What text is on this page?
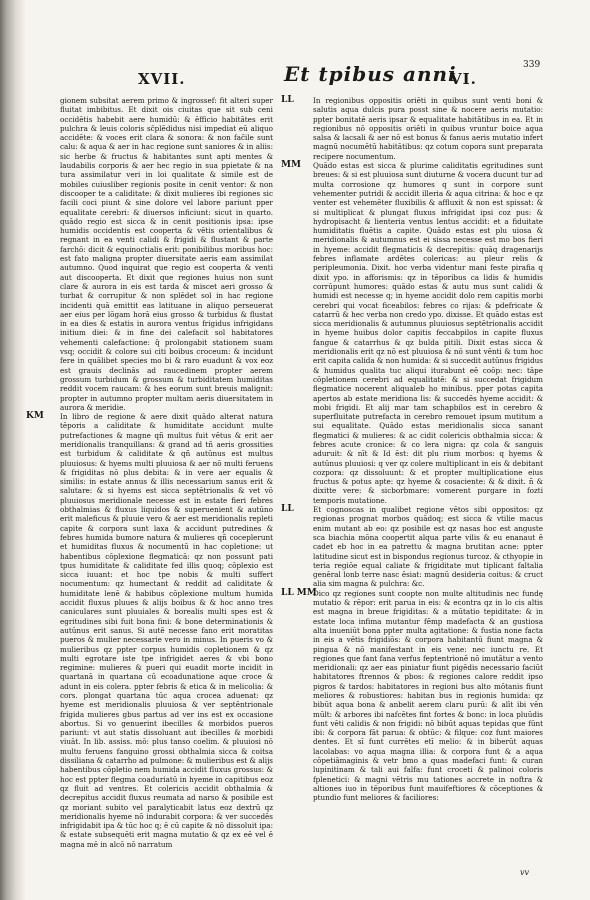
XVII.	Et tpibus anni
VI.
339

gionem subsitat aerem primo & ingrossef: fit alteri super fluitat imbibitus. Et dixit ois ciuitas que sit sub ceni occidētis habebit aere humidū: & ēfficio habitātes erit pulchra & leuis coloris sc̄plēdidus nisi impediat eū aliquo accidēte: & voces erit clara & sonora: & non fac̄ile sunt calu: & aqua & aer in hac regione sunt saniores & in aliis: sic herbe & fructus & habitantes sunt apti mentes & laudabilis corporis & aer hec regio in sua ppietate & na tura assimilatur veri in loi qualitate & simile est de mobiles cuiusliber regionis posite in cenit ventor: & non discooper te a caliditate: & dixit mulieres ibi regiones sic facili coci piunt & sine dolore vel labore pariunt pper equalitate cerebri: & diuersos inficiunt: sicut in quarto. quādo regio est sicca & in cenit positionis ipsa: ipse humidis occidentis est cooperta & vētis orientalibus & regnant in ea venti calidi & frigidi & flustant & parte farchō: dicit & equinoctialis erit: ponibilibus moribus hoc: est fato maligna propter diuersitate aeris eam assimilat autumno. Quod inquirat que regio est cooperta & venti aut discooperta. Et dixit que regiones huius non sunt clare & aurora in eis est tarda & miscet aeri grosso & turbat & corrupitur & non splēdet sol in hac regione incidenti quā emittit eas latituane in aliquo perseuerat aer eius per lōgam horā eius grosso & turbidus & flustat in ea dies & estatis in aurora ventus frigidus infrigidans initium diei: & in fine dei calefacit sol habitatores vehementi calefactione: q̄ prolongabit stationem suam vsq; occidit & colore sui citi boibus croceum: & incidunt fere in quālibet species mo bi & raro euadunt & vox eoz est grauis declinās ad raucedinem propter aerem grossum turbidum & grossum & turbiditatem humiditas reddit vocem raucam: & hes eorum sunt breuis malignit: propter in autumno propter multam aeris diuersitatem in aurora & meridie.

KM In libro de regione & aere dixit quādo alterat natura tēporis a caliditate & humiditate accidunt multe putrefactiones & magne qñ multus fuit vētus & erit aer meridionalis tranquillans: & grand ad tñ aeris grossities est turbidum & caliditate & qñ autūnus est multus pluuiosus: & hyems multi pluuiosa & aer nō multi feruens & frigiditas nō plus debita: & in vere aer equalis & similis: in estate annus & illis necessarium sanus erit & salutare: & si hyems est sicca septētrionalis & vet vō pluuiosus meridionale necesse est in estate fieri febres obthalmias & fluxus liquidos & superuenient & autūno erit maleficus & pluuie vero & aer est meridionalis repleti capite & corpora sunt laxa & accidunt putredines & febres humida bumore natura & mulieres qñ coceplerunt et humiditas fluxus & nocumentū in hac copletione: ut habentibus cōplexione flegmaticā: qz non possunt pati tpus humiditate & caliditate fed illis quoq; cōplexio est sicca iuuant: et hoc tpe nobis & multi suffert nocumentum: qz humectant & reddit ad caliditate & humiditate lenē & habibus cōplexione multum humida accidit fluxus pluues & alijs boibus & & hoc anno tres caniculares sunt pluuiales & borealis multi spes est & egritudines sibi fuit bona fini: & bone determinationis & autūnus erit sanus. Si autē necesse fano erit moratitas pueros & mulier necessarie vero in minus. In pueris vo & mulieribus qz ppter corpus humidis copletionem & qz multi egrotare iste tpe infrigidet aeres & vbi bono regimine: mulieres & pueri qui euadit morte incidit in quartanā in quartana cū ecoadunatione aque croce & adunt in eis colera. ppter febris & etica & in melicolia: & cors. plongat quartana tūc aqua crocea aduenat: qz hyeme est meridionalis pluuiosa & ver septēntrionale frigida mulieres gbus partus ad ver ins est ex occasione abortus. Si vo genuerint ibecilles & morbidos pueros pariunt: vt aut statis dissoluant aut ibecilles & morbidi viuāt. In lib. assiss. mō: plus tanso coelim. & pluuiosi nō multu feruens fanguino grossi obthalmia sicca & coitsa dissiliana & catarrho ad pulmone: & mulieribus est & alijs habentibus cōpletio nem humida accidit fluxus grossus: & hoc est ppter flegma coaduriatū in hyeme in capitibus eoz qz fluit ad ventres. Et colericis accidit obthalmia & decrepitus accidit fluxus reumata ad narso & posibile est qz moriant subito vel paralyticabit latus eoz dextrū qz meridionalis hyeme nō indurabit corpora: & ver succedēs infrigidabit ipa & tūc hoc q; ē cū capite & nō dissoluit ipa: & estate subsequēti erit magna mutatio & qz ex eē vel ē magna mē in alcō nō narratum

LL	In regionibus oppositis oriēti in quibus sunt venti boni & salutis aqua dulcis pura posst sine & nocere aeris mutatio: ppter bonitatē aeris ipsar & equalitate habitātibus in ea. Et in regionibus nō oppositis oriēti in quibus vruntur boice aqua salsa & lacsali & aer nō est bonus & fanus aeris mutatio infert magnū nocumētū habitātibus: qz cotum copora sunt preparata recipere nocumentum.

MM Quādo estas est sicca & plurime caliditatis egritudines sunt breues: & si est pluuiosa sunt diuturne & vocera ducunt tur ad multa corrosione qz humores q sunt in corpore sunt vehementer putridi & accidit illeria & aqua citrina: & hoc e qz venter est vehemēter fluxibilis & affluxit & non est spissat: & si multiplicat & plungat fluxus infrigidat ipsi coz pus: & hydropisacht & lienteria ventus lentus accidit: et a fiduitate humiditatis fluētis a capite. Quādo estas est plu uiosa & meridionalis & autumnus est ei sissa necesse est mo bos fieri in hyeme: accidit flegmaticis & decrepitis: quāq dragenarijs febres inflamate ardētes colericas: au pleur relis & peripleumonia. Dixit. hoc verba videntur mani feste pirafia q dixit ypo. in afforismis: qz in tēporibus ca lidis & humidis corrūpunt humores: quādo estas & autu mus sunt calidi & humidi est necesse q; in hyeme accidit dolo rem capitis morbi cerebri qui vocat ficeabilos: febres co rijas: & pdefricate & catarrū & hec verba non credo ypo. dixisse. Et quādo estas est sicca meridionalis & autumnus pluuiosus septētrionalis accidit in hyeme huibus dolor capitis feccabpilos in capite fluxus fangue & catarrhus & qz bulda pitili. Dixit estas sicca & meridionalis erit qz nō est pluuiosa & nō sunt vēnti & tum hoc erit capita calida & non humida: & si succedit autūnus frigidus & humidus qualita tuc aliqui iturabunt eē coōp: nec: tāpe cōpletionem cerebri ad equalitatē: & si succedat frigidum flegmatice nocerent aliqualeb ho minibus. pper potas capita apertos ab estate meridiona lis: & succedēs hyeme accidit: & mobi frigidi. Et alij mar tam schapbilos est in cerebro & superfluitate putrefacta in cerebro remouet ipsum mutitum a sui equalitate. Quādo estas meridionalis sicca sanant flegmatici & mulieres: & ac cidit colericis obthalmia sicca: & febres acute cronice: & co lera nigra: qz cola & sanguis aduruit: & nīt & Id ēst: dit plu rium morbos: q hyems & autūnus pluuiosi: q ver qz colere multiplicant in eis & debitant cozpora: qz dissoluunt: & et propter multiplicatione eius fructus & potus apte: qz hyeme & cosaciente: & & dixit. ñ & dixitte vere: & sicborbmare: vomerent purgare in fozti temporis mutatione.

LL	Et cognoscas in qualibet regione vētos sibi oppositos: qz regionas prognat morbos quādoq; est sicca & vtilie macus enim mutant ab eo: qz posibile est qz nasas hoc est anguste sca biachia mōna coopertit alqua parte vilis & eu enanaut ē cadet eb hoc in ea patrettu & magna brutitan acne: ppter latitudine sicut est in bispondus regionus turcoz. & cthyopie in teria regiōe equal caliate & frigiditate mut tiplicant faltalia genēral lonb terre nasc ēsiat: magnū desideria coitus: & cruct alia sim magna & pulchra: &c.

LL MM

Dico qz regiones sunt coopte non multe altitudinis nec fundę mutatio & rēpor: erit parua in eis: & econtra qz in lo cis altis est magna in breue frigiditas: & a mūtatio tepiditate: & in estate loca infima mutantur fēmp madefacta & an gustiosa alta inueniūt bona ppter multa agitatione: & fustia none facta in eis a vētis frigidiōs: & corpora habitantū fiunt magna & pingua & nō manifestant in eis vene: nec iunctu re. Et regiones que fant fana verfus feptentrionē nō imutātur a vento meridionali: qz aer eas piniatur fiunt pigēdis necessario faciūt habitatores ftrennos & pbos: & regiones calore reddit ipso pigros & tardos: habitatores in regioni bus alto mōtanis fiunt meliores & robustiores: habitan bus in regionis humida: qz bibūt aqua bona & anbelit aerem claru purū: & alīt ibi vēn mūlt: & arbores ibi nafcētes fint fortes & bonc: in loca pluūdis funt vēti calidis & non frigidi: nō bibūt aquas tepidas que fūnt ibi: & corpora fāt parua: & obtūc: & filque: coz funt maiores dentes. Et sī funt currētes etī melio: & in biberūt aquas lacolabas: vo aqua magna illia: & corpora funt & a aqua cōpetiāmaginis & vetr bmo a quas madefaci funt: & curan lupinitinam & tali aui falfa: funt croceti & palinoi coloris fplenetici: & magni vētris mu tationes accrete in noftra & altiones iuo in tēporibus funt mauifeftiores & cōceptiones & ptundio funt meliores & faciliores:

vv
